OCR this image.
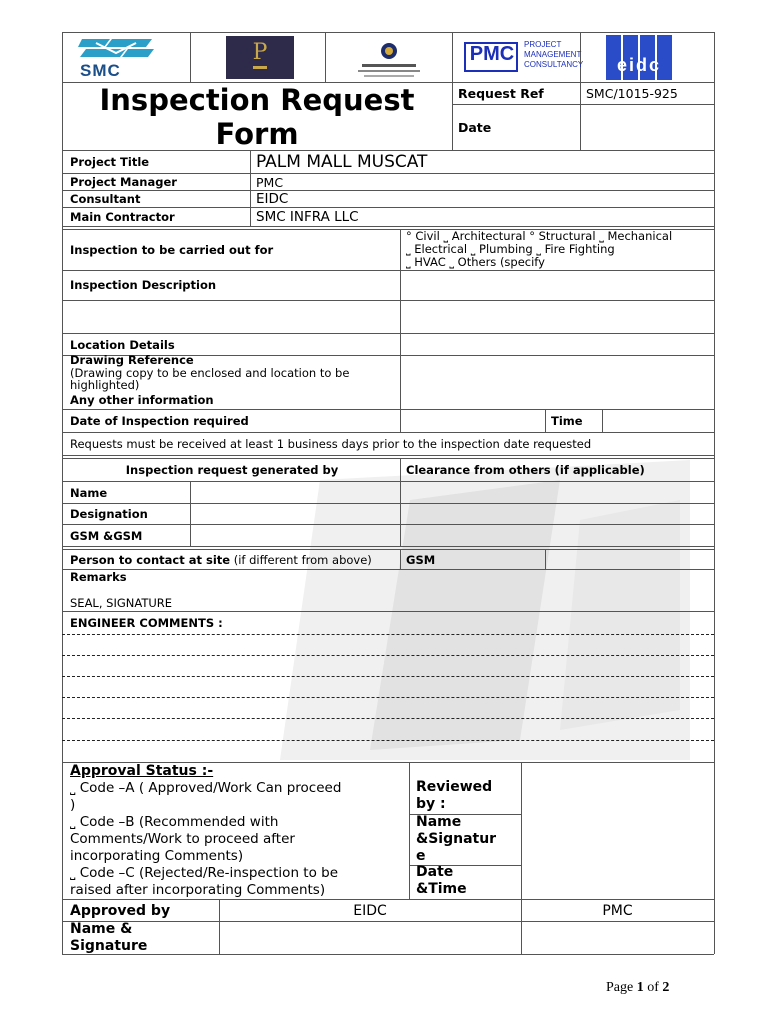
SMC
P	PMC	PROJECT
MANAGEMENT
CONSULTANCY	eidc
Inspection Request
Form
Request Ref	SMC/1015-925
Date
Project Title	PALM MALL MUSCAT
Project Manager	PMC
Consultant	EIDC
Main Contractor	SMC INFRA LLC
Inspection to be carried out for
° Civil ⎵ Architectural ° Structural ⎵ Mechanical
⎵ Electrical ⎵ Plumbing ⎵ Fire Fighting
⎵ HVAC ⎵ Others (specify
Inspection Description
Location Details
Drawing Reference
(Drawing copy to be enclosed and location to be
highlighted)
Any other information
Date of Inspection required	Time
Requests must be received at least 1 business days prior to the inspection date requested
Inspection request generated by	Clearance from others (if applicable)
Name
Designation
GSM &GSM
Person to contact at site (if different from above)	GSM
Remarks
SEAL, SIGNATURE
ENGINEER COMMENTS :
Approval Status :-
⎵ Code –A ( Approved/Work Can proceed
)
⎵ Code –B (Recommended with
Comments/Work to proceed after
incorporating Comments)
⎵ Code –C (Rejected/Re-inspection to be
raised after incorporating Comments)
Reviewed
by :
Name
&Signatur
e
Date
&Time
Approved by	EIDC	PMC
Name &
Signature
Page 1 of 2
